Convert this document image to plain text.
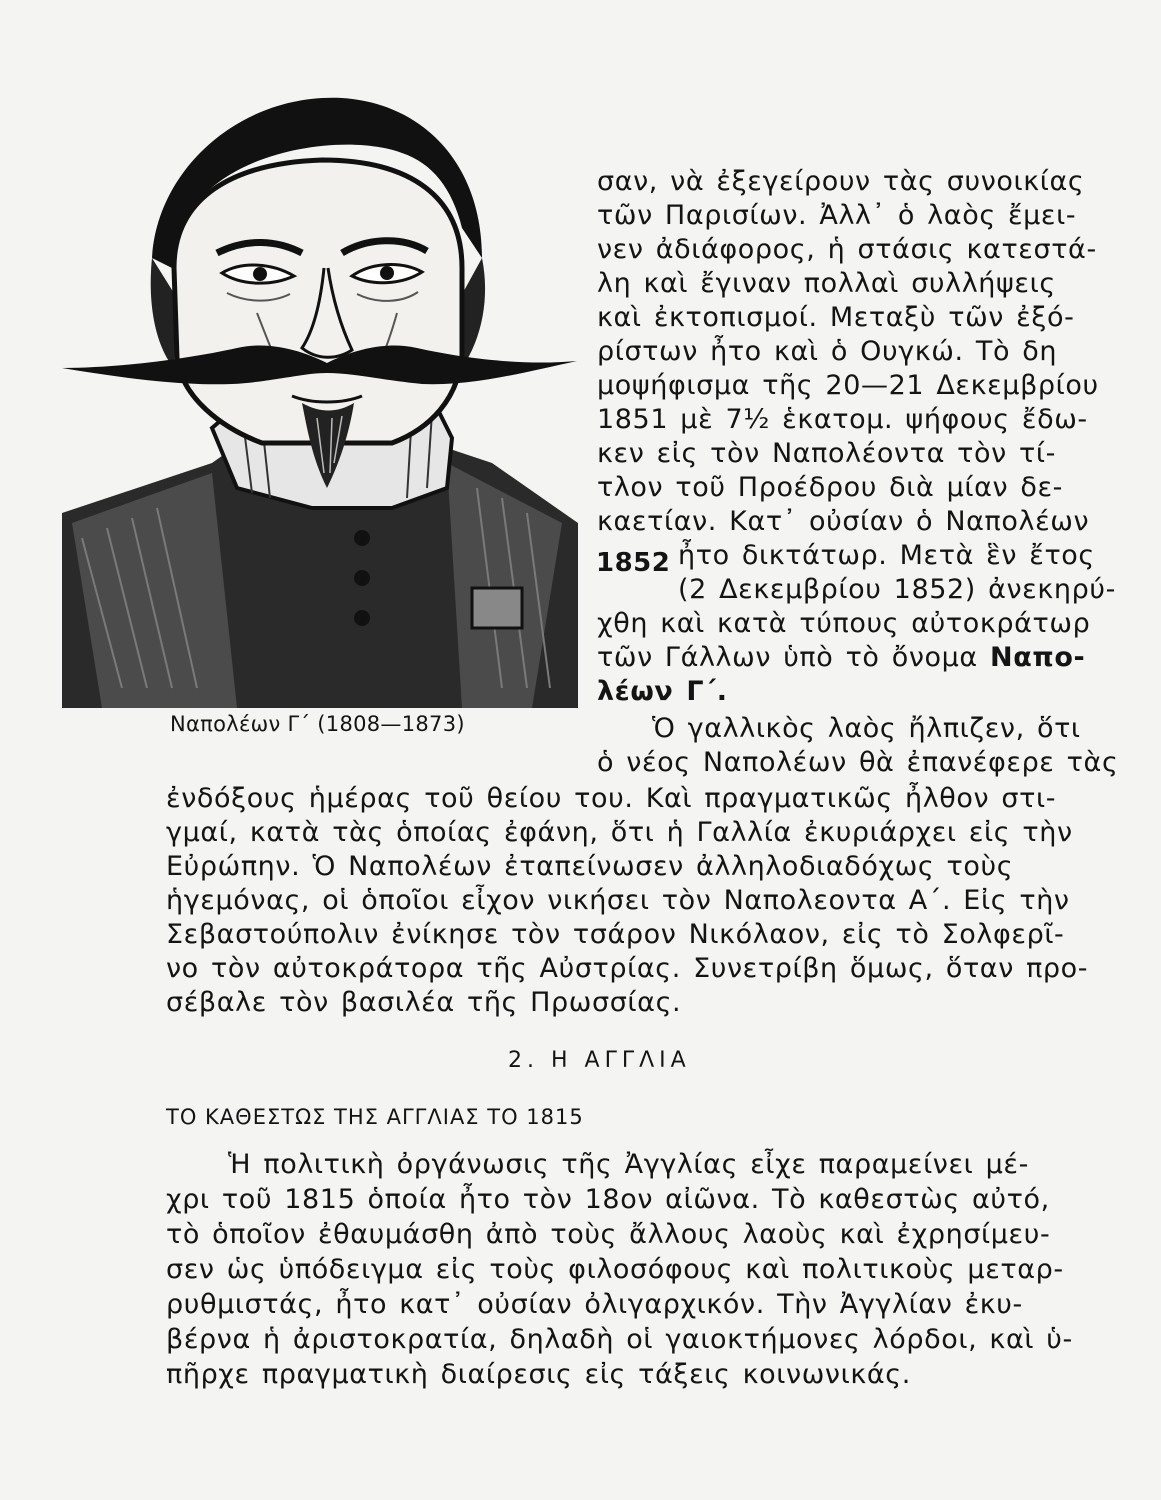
Ναπολέων Γ΄ (1808—1873)
1852
σαν, νὰ ἐξεγείρουν τὰς συνοικίας
τῶν Παρισίων. Ἀλλ᾿ ὁ λαὸς ἔμει-
νεν ἀδιάφορος, ἡ στάσις κατεστά-
λη καὶ ἔγιναν πολλαὶ συλλήψεις
καὶ ἐκτοπισμοί. Μεταξὺ τῶν ἐξό-
ρίστων ἦτο καὶ ὁ Ουγκώ. Τὸ δη
μοψήφισμα τῆς 20—21 Δεκεμβρίου
1851 μὲ 7½ ἑκατομ. ψήφους ἔδω-
κεν εἰς τὸν Ναπολέοντα τὸν τί-
τλον τοῦ Προέδρου διὰ μίαν δε-
καετίαν. Κατ᾿ οὐσίαν ὁ Ναπολέων
ἦτο δικτάτωρ. Μετὰ ἓν ἔτος
(2 Δεκεμβρίου 1852) ἀνεκηρύ-
χθη καὶ κατὰ τύπους αὐτοκράτωρ
τῶν Γάλλων ὑπὸ τὸ ὄνομα Ναπο-
λέων Γ΄.
Ὁ γαλλικὸς λαὸς ἤλπιζεν, ὅτι
ὁ νέος Ναπολέων θὰ ἐπανέφερε τὰς
ἐνδόξους ἡμέρας τοῦ θείου του. Καὶ πραγματικῶς ἦλθον στι-
γμαί, κατὰ τὰς ὁποίας ἐφάνη, ὅτι ἡ Γαλλία ἐκυριάρχει εἰς τὴν
Εὐρώπην. Ὁ Ναπολέων ἐταπείνωσεν ἀλληλοδιαδόχως τοὺς
ἡγεμόνας, οἱ ὁποῖοι εἶχον νικήσει τὸν Ναπολεοντα Α΄. Εἰς τὴν
Σεβαστούπολιν ἐνίκησε τὸν τσάρον Νικόλαον, εἰς τὸ Σολφερῖ-
νο τὸν αὐτοκράτορα τῆς Αὐστρίας. Συνετρίβη ὅμως, ὅταν προ-
σέβαλε τὸν βασιλέα τῆς Πρωσσίας.
2. Η ΑΓΓΛΙΑ
ΤΟ ΚΑΘΕΣΤΩΣ ΤΗΣ ΑΓΓΛΙΑΣ ΤΟ 1815
Ἡ πολιτικὴ ὀργάνωσις τῆς Ἀγγλίας εἶχε παραμείνει μέ-
χρι τοῦ 1815 ὁποία ἦτο τὸν 18ον αἰῶνα. Τὸ καθεστὼς αὐτό,
τὸ ὁποῖον ἐθαυμάσθη ἀπὸ τοὺς ἄλλους λαοὺς καὶ ἐχρησίμευ-
σεν ὡς ὑπόδειγμα εἰς τοὺς φιλοσόφους καὶ πολιτικοὺς μεταρ-
ρυθμιστάς, ἦτο κατ᾿ οὐσίαν ὀλιγαρχικόν. Τὴν Ἀγγλίαν ἐκυ-
βέρνα ἡ ἀριστοκρατία, δηλαδὴ οἱ γαιοκτήμονες λόρδοι, καὶ ὑ-
πῆρχε πραγματικὴ διαίρεσις εἰς τάξεις κοινωνικάς.
